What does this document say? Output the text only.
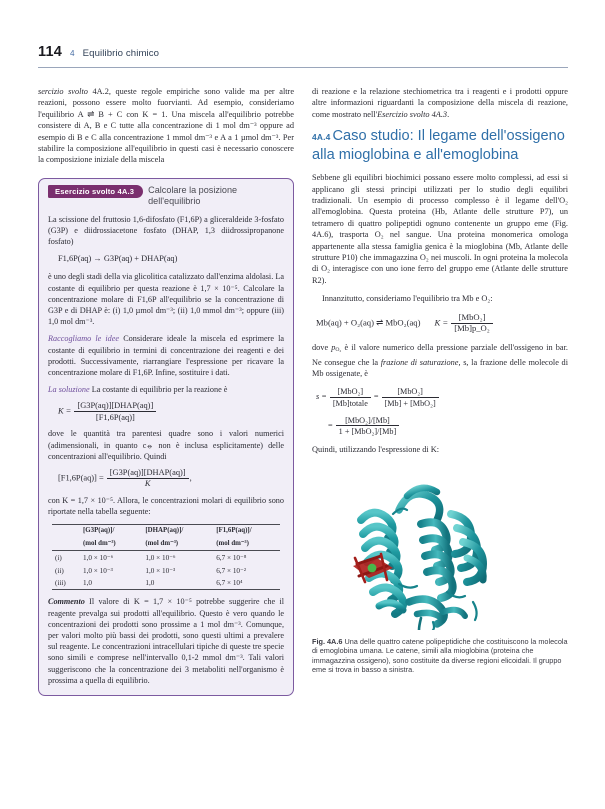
114 4 Equilibrio chimico

sercizio svolto 4A.2, queste regole empiriche sono valide ma per altre reazioni, possono essere molto fuorvianti. Ad esempio, consideriamo l'equilibrio A ⇌ B + C con K = 1. Una miscela all'equilibrio potrebbe consistere di A, B e C tutte alla concentrazione di 1 mol dm⁻³ oppure ad esempio di B e C alla concentrazione 1 mmol dm⁻³ e A a 1 µmol dm⁻³. Per stabilire la composizione all'equilibrio in questi casi è necessario conoscere la composizione iniziale della miscela

Esercizio svolto 4A.3	Calcolare la posizione dell'equilibrio

La scissione del fruttosio 1,6-difosfato (F1,6P) a gliceraldeide 3-fosfato (G3P) e diidrossiacetone fosfato (DHAP, 1,3 diidrossipropanone fosfato)

F1,6P(aq) → G3P(aq) + DHAP(aq)

è uno degli stadi della via glicolitica catalizzato dall'enzima aldolasi. La costante di equilibrio per questa reazione è 1,7 × 10⁻⁵. Calcolare la concentrazione molare di F1,6P all'equilibrio se la concentrazione di G3P e di DHAP è: (i) 1,0 µmol dm⁻³; (ii) 1,0 mmol dm⁻³; oppure (iii) 1,0 mol dm⁻³.

Raccogliamo le idee Considerare ideale la miscela ed esprimere la costante di equilibrio in termini di concentrazione dei reagenti e dei prodotti. Successivamente, riarrangiare l'espressione per ricavare la concentrazione molare di F1,6P. Infine, sostituire i dati.

La soluzione La costante di equilibrio per la reazione è

$K = \frac{\text{[G3P(aq)][DHAP(aq)]}}{[F1,6P(aq)]}$

dove le quantità tra parentesi quadre sono i valori numerici (adimensionali, in quanto c⦵ non è inclusa esplicitamente) delle concentrazioni all'equilibrio. Quindi

$[F1,6P(aq)] = \frac{\text{[G3P(aq)][DHAP(aq)]}}{K}$ ,

con K = 1,7 × 10⁻⁵. Allora, le concentrazioni molari di equilibrio sono riportate nella tabella seguente:

	[G3P(aq)]/	[DHAP(aq)]/	[F1,6P(aq)]/
	(mol dm⁻³)	(mol dm⁻³)	(mol dm⁻³)
(i)	1,0 × 10⁻⁶	1,0 × 10⁻⁶	6,7 × 10⁻⁸
(ii)	1,0 × 10⁻³	1,0 × 10⁻³	6,7 × 10⁻²
(iii)	1,0	1,0	6,7 × 10⁴

Commento Il valore di K = 1,7 × 10⁻⁵ potrebbe suggerire che il reagente prevalga sui prodotti all'equilibrio. Questo è vero quando le concentrazioni dei prodotti sono prossime a 1 mol dm⁻³. Comunque, per valori molto più bassi dei prodotti, sono questi ultimi a prevalere sul reagente. Le concentrazioni intracellulari tipiche di queste tre specie sono simili e comprese nell'intervallo 0,1-2 mmol dm⁻³. Tali valori suggeriscono che la concentrazione dei 3 metaboliti nell'organismo è prossima a quella di equilibrio.

di reazione e la relazione stechiometrica tra i reagenti e i prodotti oppure altre informazioni riguardanti la composizione della miscela di reazione, come mostrato nell'Esercizio svolto 4A.3.

4A.4 Caso studio: Il legame dell'ossigeno alla mioglobina e all'emoglobina

Sebbene gli equilibri biochimici possano essere molto complessi, ad essi si applicano gli stessi principi utilizzati per lo studio degli equilibri tradizionali. Un esempio di processo complesso è il legame dell'O₂ all'emoglobina. Questa proteina (Hb, Atlante delle strutture P7), un tetramero di quattro polipeptidi ognuno contenente un gruppo eme (Fig. 4A.6), trasporta O₂ nel sangue. Una proteina monomerica omologa appartenente alla stessa famiglia genica è la mioglobina (Mb, Atlante delle strutture P10) che immagazzina O₂ nei muscoli. In ogni proteina la molecola di O₂ interagisce con uno ione ferro del gruppo eme (Atlante delle strutture R2).

Innanzitutto, consideriamo l'equilibrio tra Mb e O₂:

Mb(aq) + O₂(aq) ⇌ MbO₂(aq) $K = \frac{\text{[MbO₂]}}{\text{[Mb]p\_O₂}}$

dove $p_{O_2}$ è il valore numerico della pressione parziale dell'ossigeno in bar. Ne consegue che la frazione di saturazione, s, la frazione delle molecole di Mb ossigenate, è

$s = \frac{\text{[MbO₂]}}{\text{[Mb]totale}} = \frac{\text{[MbO₂]}}{\text{[Mb] + [MbO₂]}}$
= $\frac{\text{[MbO₂]/[Mb]}}{\text{1 + [MbO₂]/[Mb]}}$

Quindi, utilizzando l'espressione di K:

Fig. 4A.6 Una delle quattro catene polipeptidiche che costituiscono la molecola di emoglobina umana. Le catene, simili alla mioglobina (proteina che immagazzina ossigeno), sono costituite da diverse regioni elicoidali. Il gruppo eme si trova in basso a sinistra.
